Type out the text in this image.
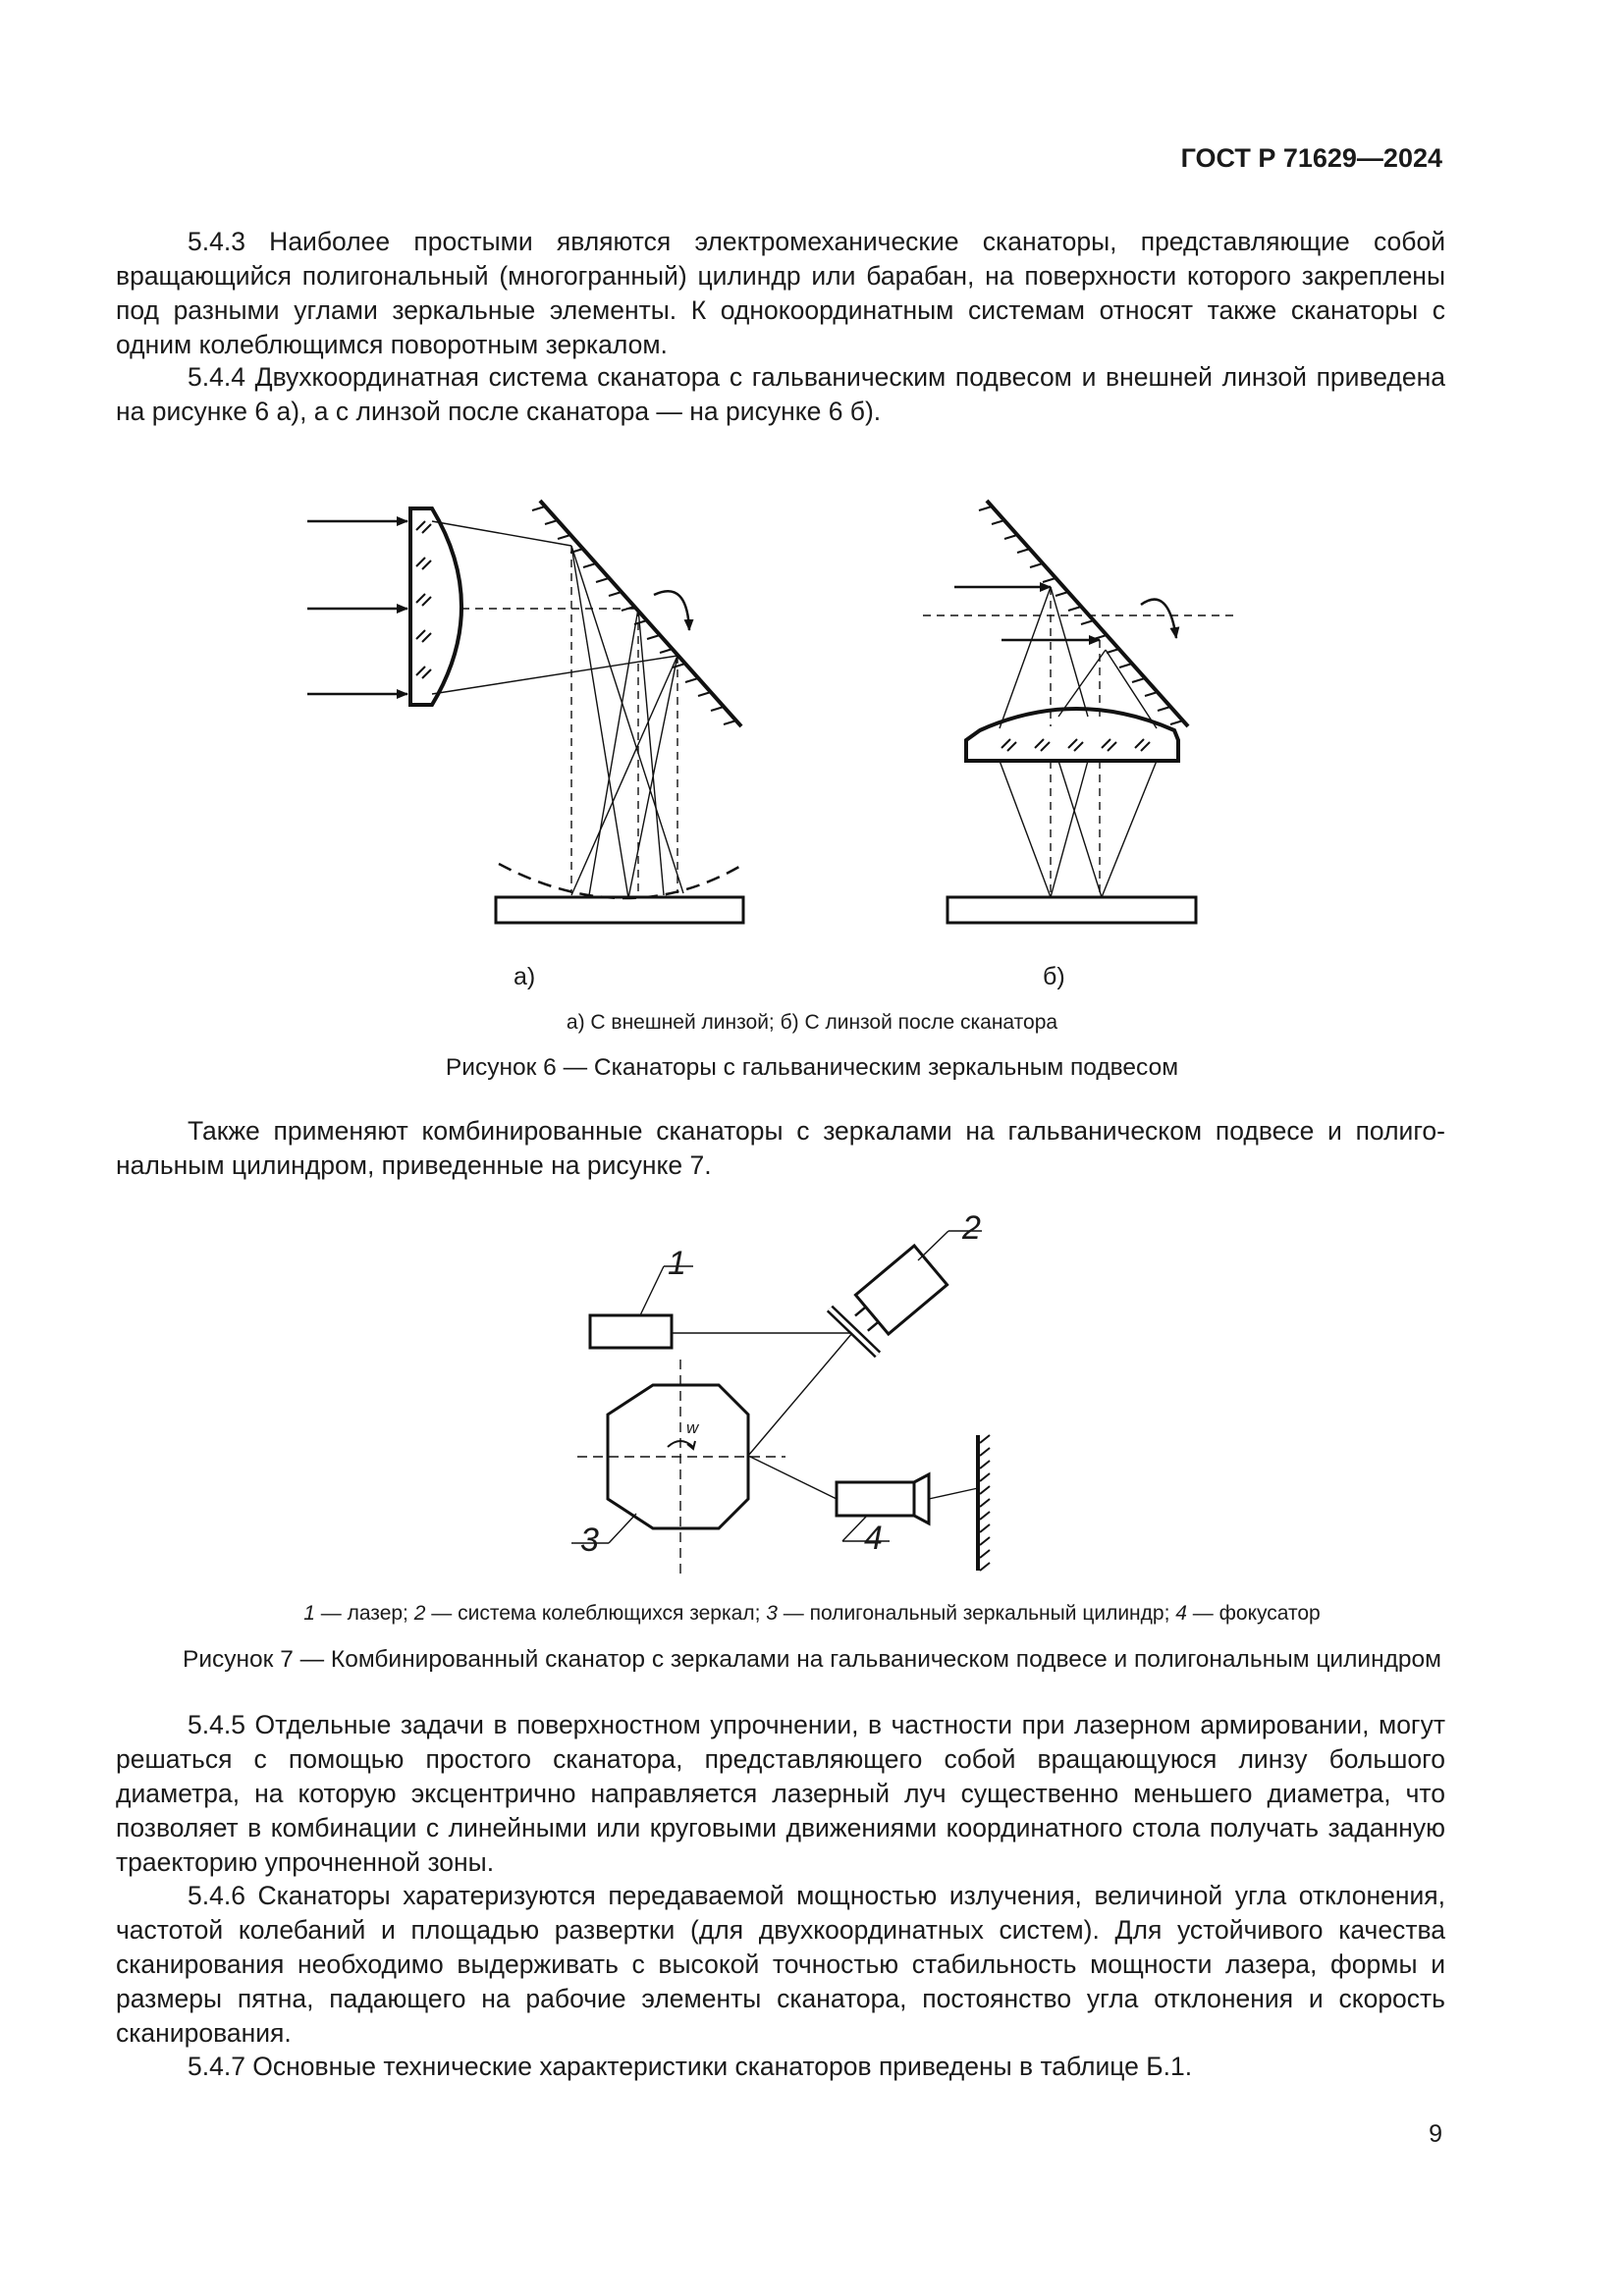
ГОСТ Р 71629—2024

5.4.3 Наиболее простыми являются электромеханические сканаторы, представляющие собой вращающийся полигональный (многогранный) цилиндр или барабан, на поверхности которого закреплены под разными углами зеркальные элементы. К однокоординатным системам относят также сканаторы с одним колеблющимся поворотным зеркалом.

5.4.4 Двухкоординатная система сканатора с гальваническим подвесом и внешней линзой приведена на рисунке 6 а), а с линзой после сканатора — на рисунке 6 б).

а)	б)
а) С внешней линзой; б) С линзой после сканатора
Рисунок 6 — Сканаторы с гальваническим зеркальным подвесом

Также применяют комбинированные сканаторы с зеркалами на гальваническом подвесе и полиго-нальным цилиндром, приведенные на рисунке 7.

1
2
3	4
w
1 — лазер; 2 — система колеблющихся зеркал; 3 — полигональный зеркальный цилиндр; 4 — фокусатор
Рисунок 7 — Комбинированный сканатор с зеркалами на гальваническом подвесе и полигональным цилиндром

5.4.5 Отдельные задачи в поверхностном упрочнении, в частности при лазерном армировании, могут решаться с помощью простого сканатора, представляющего собой вращающуюся линзу большого диаметра, на которую эксцентрично направляется лазерный луч существенно меньшего диаметра, что позволяет в комбинации с линейными или круговыми движениями координатного стола получать заданную траекторию упрочненной зоны.

5.4.6 Сканаторы харатеризуются передаваемой мощностью излучения, величиной угла отклонения, частотой колебаний и площадью развертки (для двухкоординатных систем). Для устойчивого качества сканирования необходимо выдерживать с высокой точностью стабильность мощности лазера, формы и размеры пятна, падающего на рабочие элементы сканатора, постоянство угла отклонения и скорость сканирования.

5.4.7 Основные технические характеристики сканаторов приведены в таблице Б.1.

9
